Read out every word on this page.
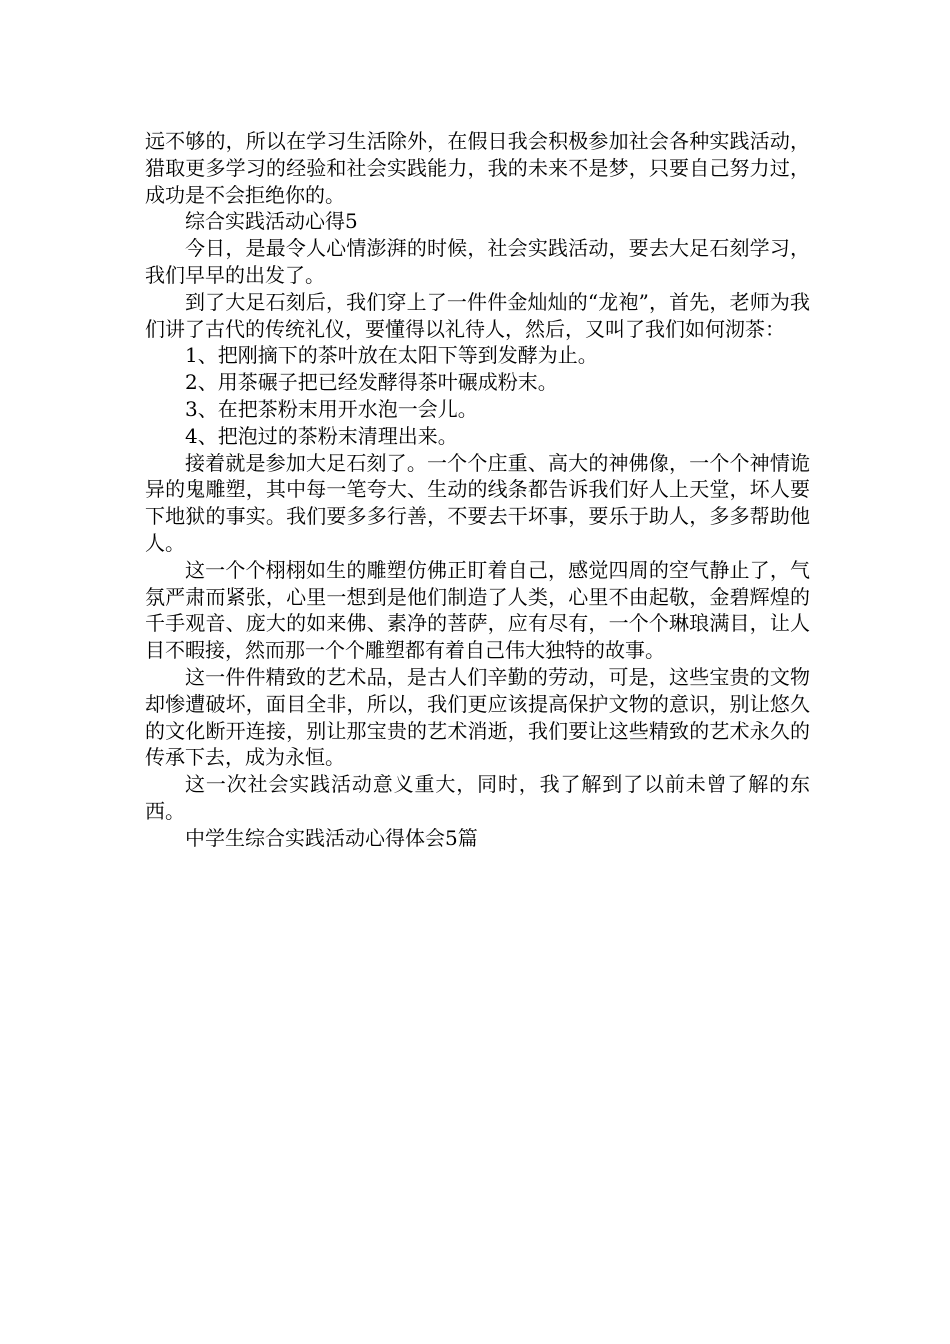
远不够的，所以在学习生活除外，在假日我会积极参加社会各种实践活动，猎取更多学习的经验和社会实践能力，我的未来不是梦，只要自己努力过，成功是不会拒绝你的。

综合实践活动心得5

今日，是最令人心情澎湃的时候，社会实践活动，要去大足石刻学习，我们早早的出发了。

到了大足石刻后，我们穿上了一件件金灿灿的“龙袍”，首先，老师为我们讲了古代的传统礼仪，要懂得以礼待人，然后，又叫了我们如何沏茶：

1、把刚摘下的茶叶放在太阳下等到发酵为止。

2、用茶碾子把已经发酵得茶叶碾成粉末。

3、在把茶粉末用开水泡一会儿。

4、把泡过的茶粉末清理出来。

接着就是参加大足石刻了。一个个庄重、高大的神佛像，一个个神情诡异的鬼雕塑，其中每一笔夸大、生动的线条都告诉我们好人上天堂，坏人要下地狱的事实。我们要多多行善，不要去干坏事，要乐于助人，多多帮助他人。

这一个个栩栩如生的雕塑仿佛正盯着自己，感觉四周的空气静止了，气氛严肃而紧张，心里一想到是他们制造了人类，心里不由起敬，金碧辉煌的千手观音、庞大的如来佛、素净的菩萨，应有尽有，一个个琳琅满目，让人目不暇接，然而那一个个雕塑都有着自己伟大独特的故事。

这一件件精致的艺术品，是古人们辛勤的劳动，可是，这些宝贵的文物却惨遭破坏，面目全非，所以，我们更应该提高保护文物的意识，别让悠久的文化断开连接，别让那宝贵的艺术消逝，我们要让这些精致的艺术永久的传承下去，成为永恒。

这一次社会实践活动意义重大，同时，我了解到了以前未曾了解的东西。

中学生综合实践活动心得体会5篇
